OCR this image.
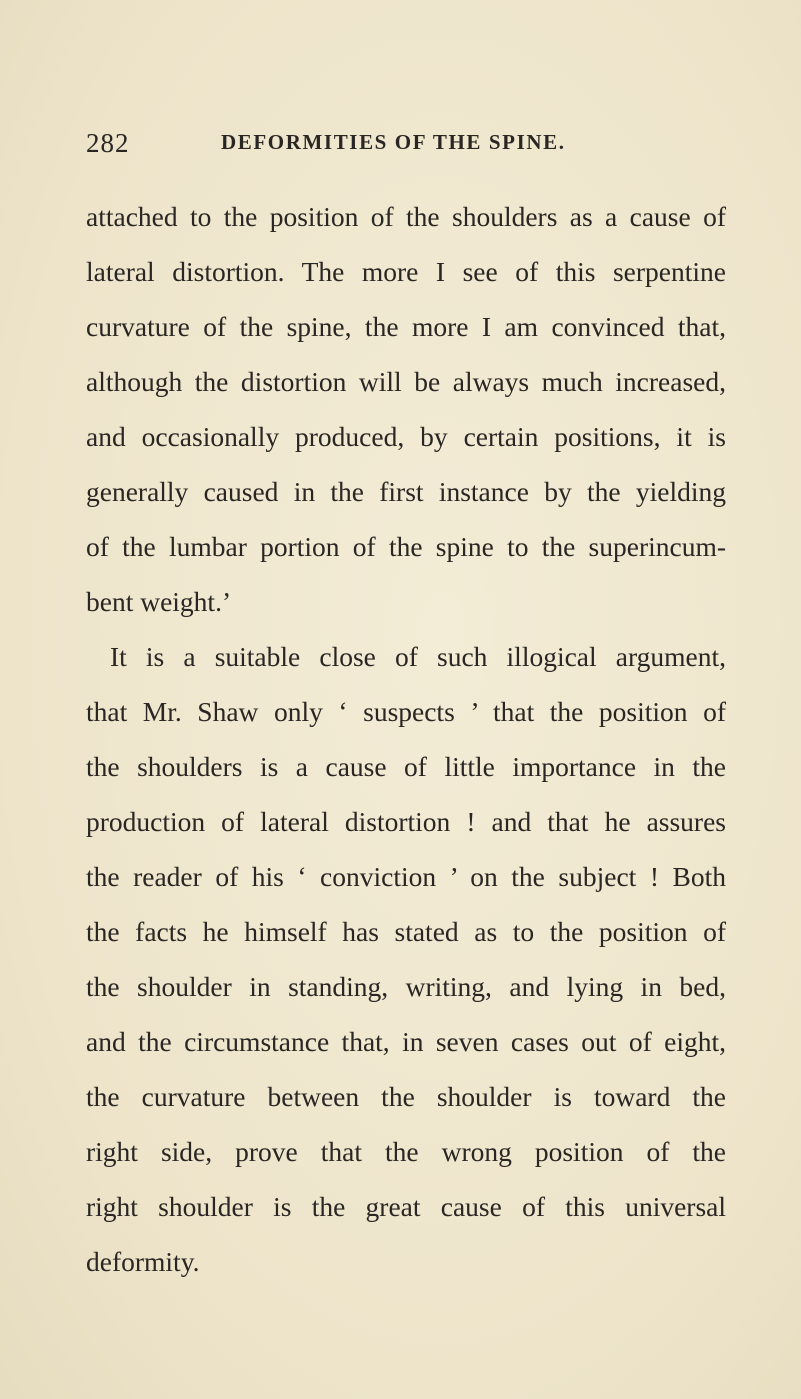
282	DEFORMITIES OF THE SPINE.
attached to the position of the shoulders as a cause of
lateral distortion. The more I see of this serpentine
curvature of the spine, the more I am convinced that,
although the distortion will be always much increased,
and occasionally produced, by certain positions, it is
generally caused in the first instance by the yielding
of the lumbar portion of the spine to the superincum-
bent weight.’
It is a suitable close of such illogical argument,
that Mr. Shaw only ‘ suspects ’ that the position of
the shoulders is a cause of little importance in the
production of lateral distortion ! and that he assures
the reader of his ‘ conviction ’ on the subject ! Both
the facts he himself has stated as to the position of
the shoulder in standing, writing, and lying in bed,
and the circumstance that, in seven cases out of eight,
the curvature between the shoulder is toward the
right side, prove that the wrong position of the
right shoulder is the great cause of this universal
deformity.
